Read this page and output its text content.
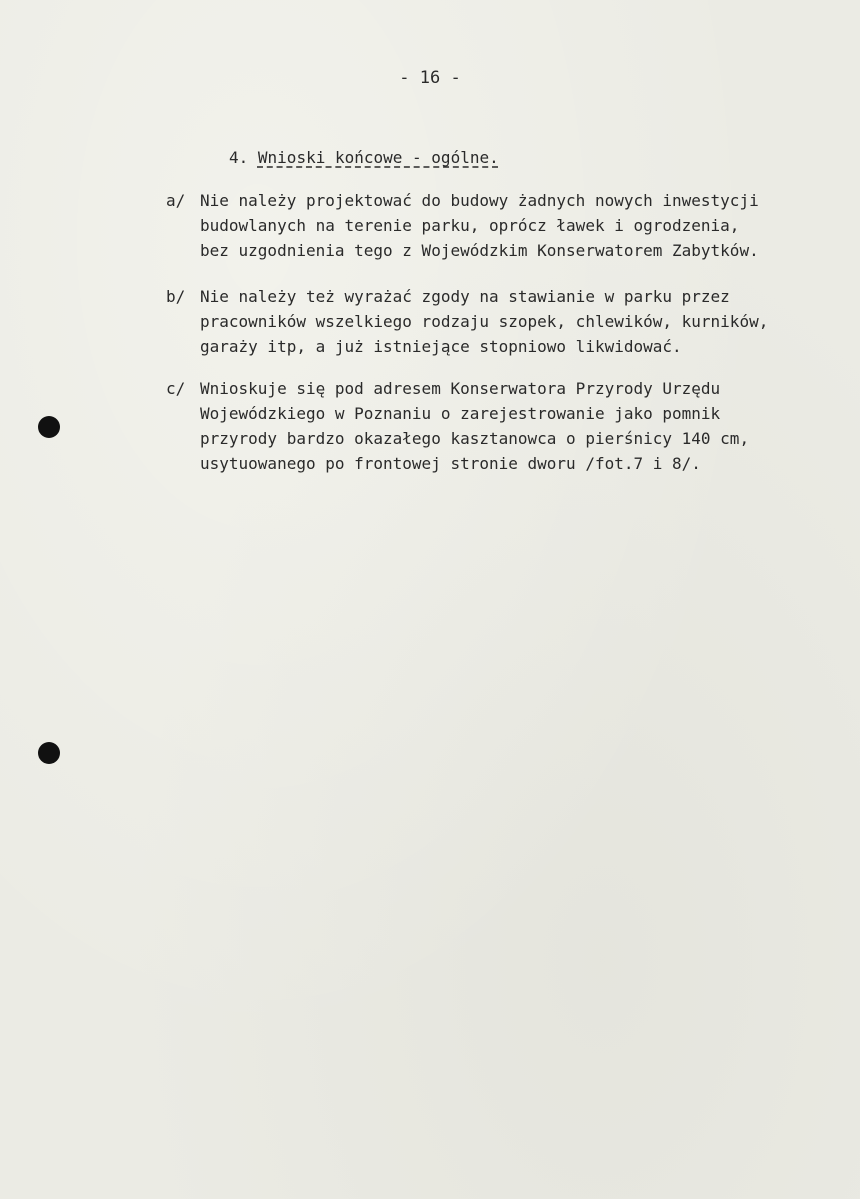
- 16 -
4. Wnioski końcowe - ogólne.
a/ Nie należy projektować do budowy żadnych nowych inwestycji
budowlanych na terenie parku, oprócz ławek i ogrodzenia,
bez uzgodnienia tego z Wojewódzkim Konserwatorem Zabytków.
b/ Nie należy też wyrażać zgody na stawianie w parku przez
pracowników wszelkiego rodzaju szopek, chlewików, kurników,
garaży itp, a już istniejące stopniowo likwidować.
c/ Wnioskuje się pod adresem Konserwatora Przyrody Urzędu
Wojewódzkiego w Poznaniu o zarejestrowanie jako pomnik
przyrody bardzo okazałego kasztanowca o pierśnicy 140 cm,
usytuowanego po frontowej stronie dworu /fot.7 i 8/.
